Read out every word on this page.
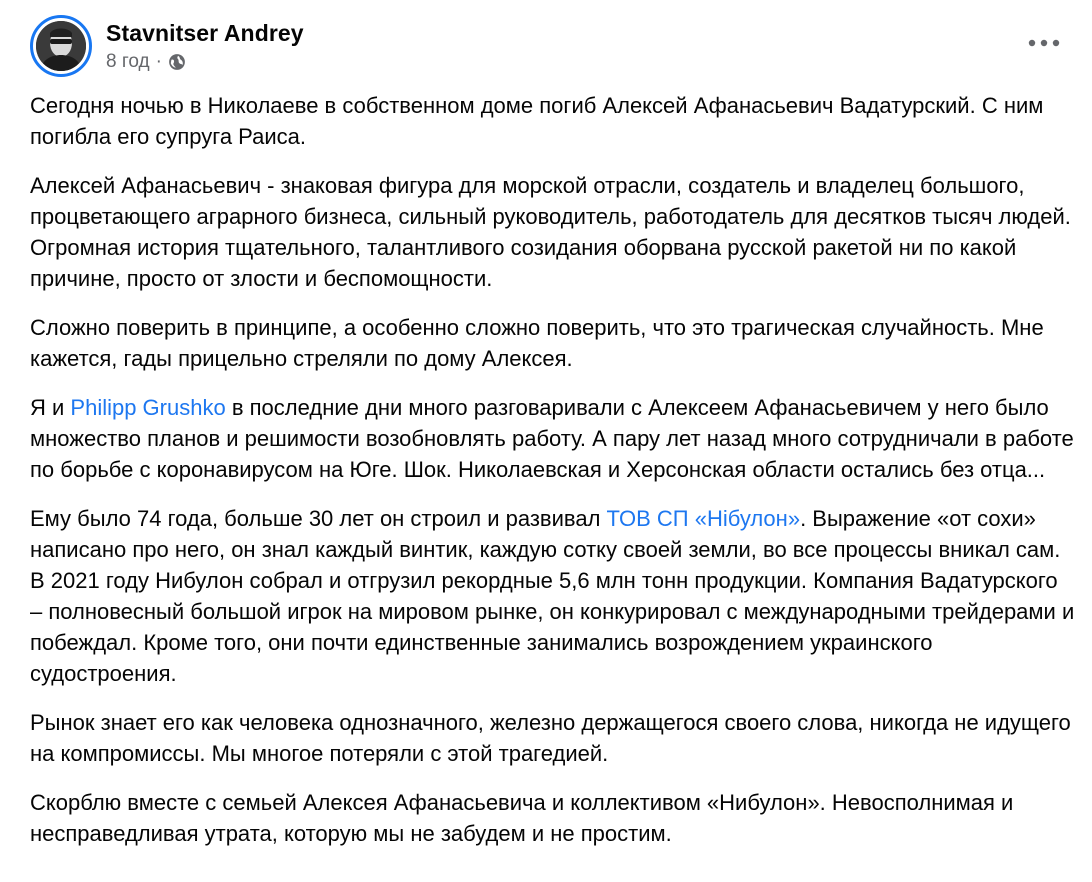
Stavnitser Andrey
8 год ·

Сегодня ночью в Николаеве в собственном доме погиб Алексей Афанасьевич Вадатурский. С ним погибла его супруга Раиса.

Алексей Афанасьевич - знаковая фигура для морской отрасли, создатель и владелец большого, процветающего аграрного бизнеса, сильный руководитель, работодатель для десятков тысяч людей. Огромная история тщательного, талантливого созидания оборвана русской ракетой ни по какой причине, просто от злости и беспомощности.

Сложно поверить в принципе, а особенно сложно поверить, что это трагическая случайность. Мне кажется, гады прицельно стреляли по дому Алексея.

Я и Philipp Grushko в последние дни много разговаривали с Алексеем Афанасьевичем у него было множество планов и решимости возобновлять работу. А пару лет назад много сотрудничали в работе по борьбе с коронавирусом на Юге. Шок. Николаевская и Херсонская области остались без отца...

Ему было 74 года, больше 30 лет он строил и развивал ТОВ СП «Нібулон». Выражение «от сохи» написано про него, он знал каждый винтик, каждую сотку своей земли, во все процессы вникал сам. В 2021 году Нибулон собрал и отгрузил рекордные 5,6 млн тонн продукции. Компания Вадатурского – полновесный большой игрок на мировом рынке, он конкурировал с международными трейдерами и побеждал. Кроме того, они почти единственные занимались возрождением украинского судостроения.

Рынок знает его как человека однозначного, железно держащегося своего слова, никогда не идущего на компромиссы. Мы многое потеряли с этой трагедией.

Скорблю вместе с семьей Алексея Афанасьевича и коллективом «Нибулон». Невосполнимая и несправедливая утрата, которую мы не забудем и не простим.
